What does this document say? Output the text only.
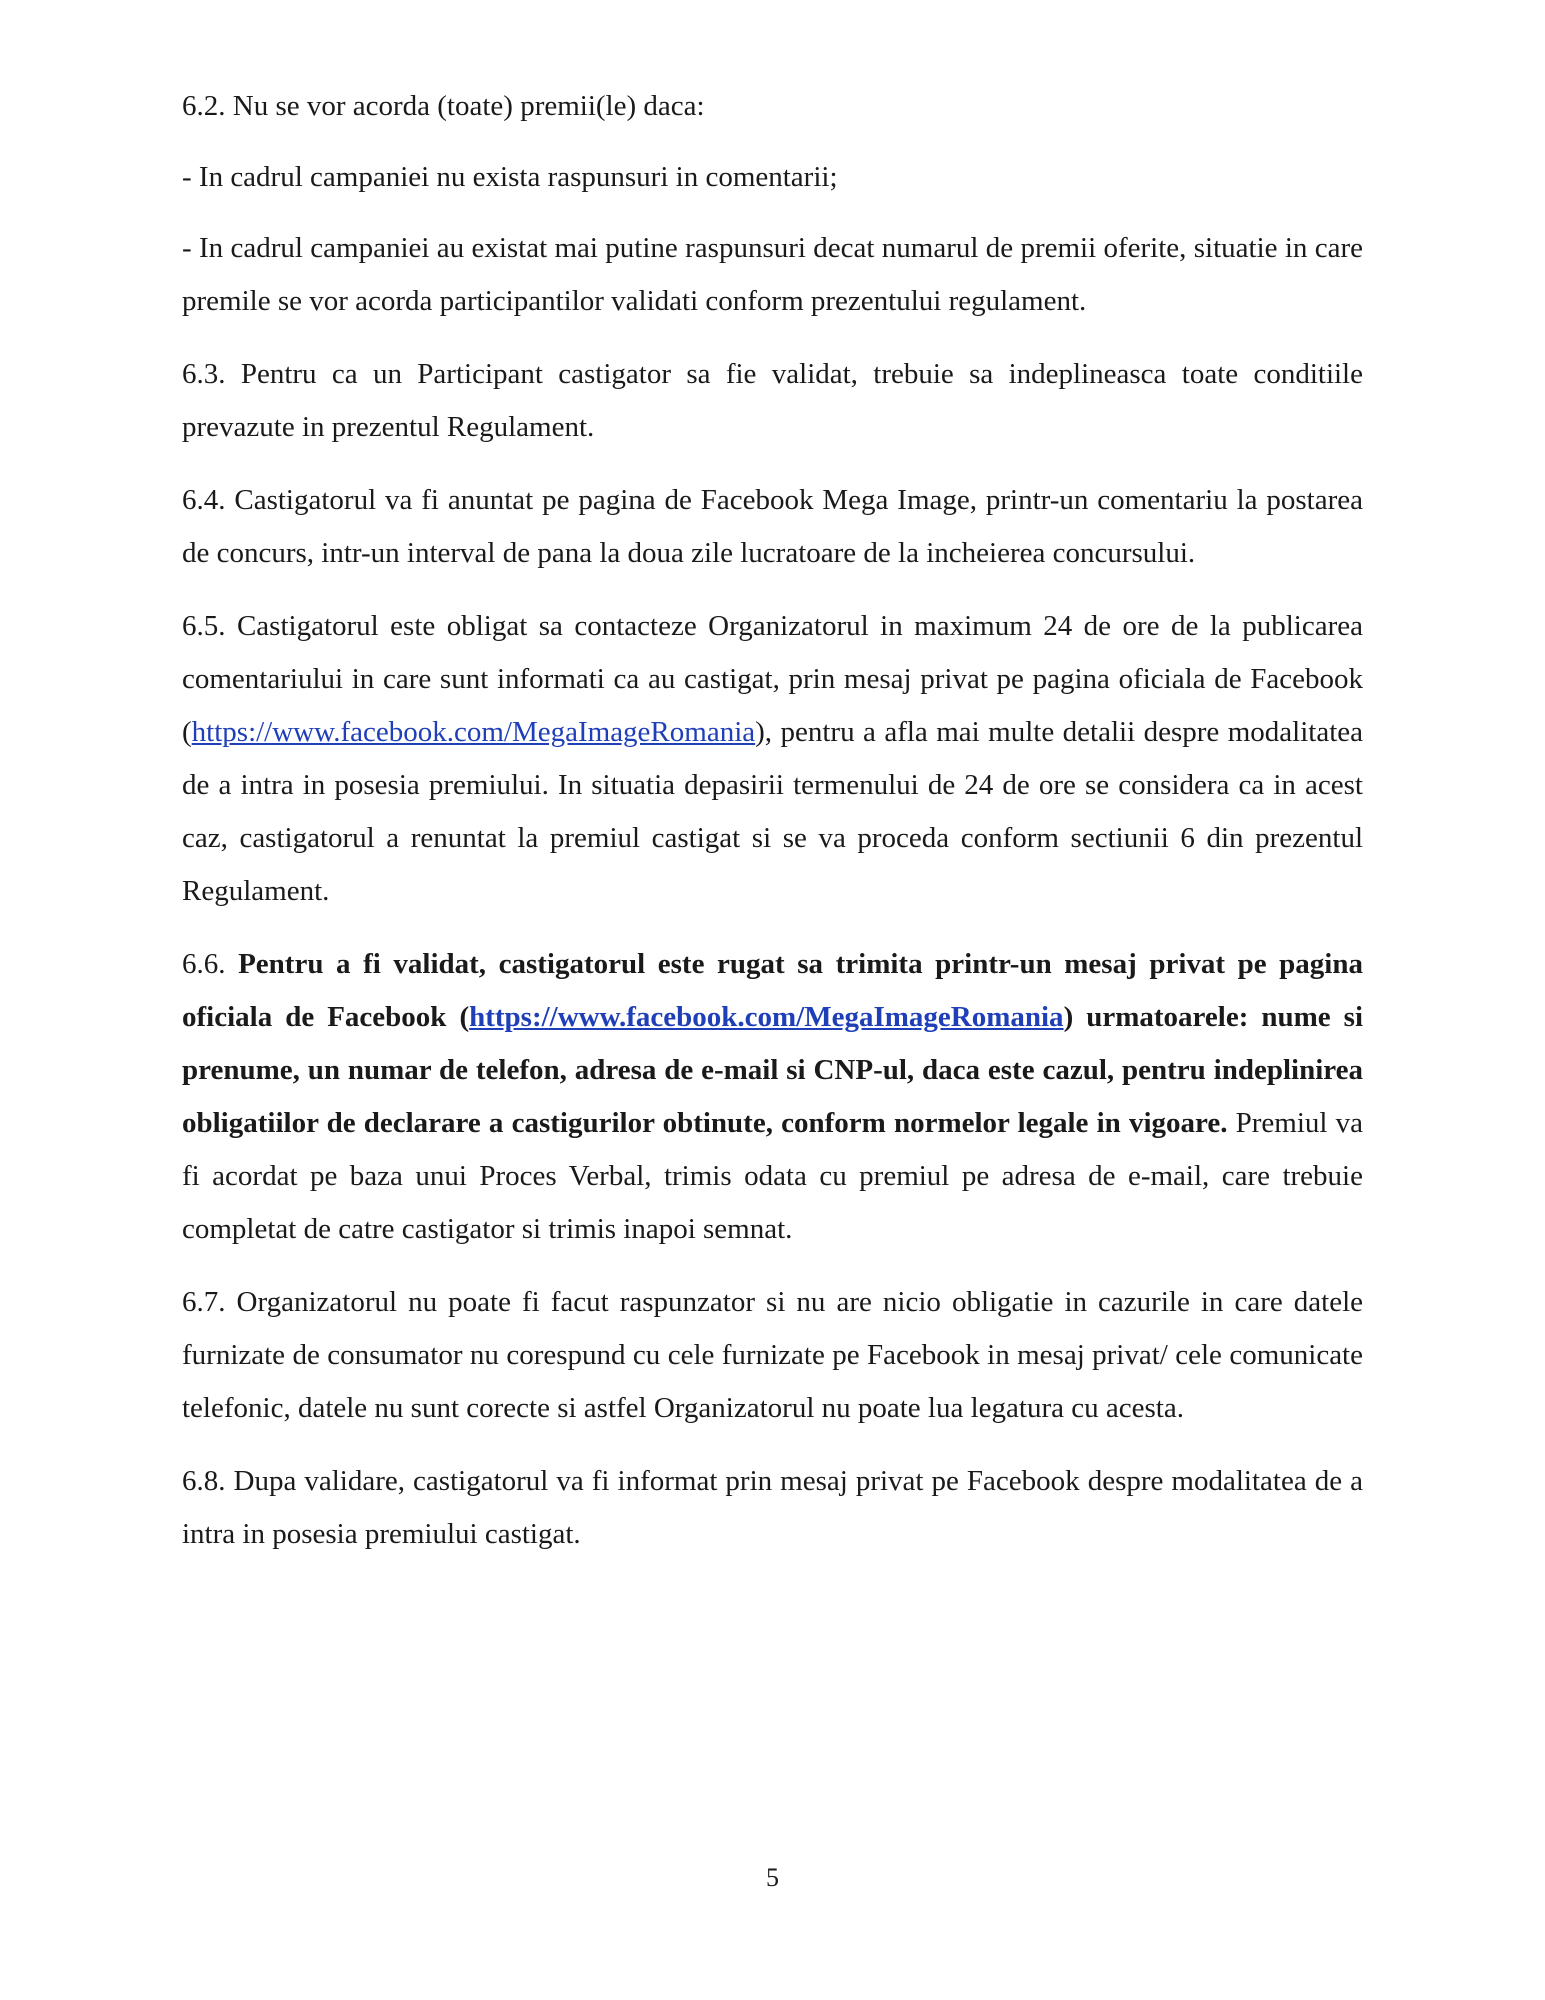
6.2. Nu se vor acorda (toate) premii(le) daca:

- In cadrul campaniei nu exista raspunsuri in comentarii;

- In cadrul campaniei au existat mai putine raspunsuri decat numarul de premii oferite, situatie in care premile se vor acorda participantilor validati conform prezentului regulament.

6.3. Pentru ca un Participant castigator sa fie validat, trebuie sa indeplineasca toate conditiile prevazute in prezentul Regulament.

6.4. Castigatorul va fi anuntat pe pagina de Facebook Mega Image, printr-un comentariu la postarea de concurs, intr-un interval de pana la doua zile lucratoare de la incheierea concursului.

6.5. Castigatorul este obligat sa contacteze Organizatorul in maximum 24 de ore de la publicarea comentariului in care sunt informati ca au castigat, prin mesaj privat pe pagina oficiala de Facebook (https://www.facebook.com/MegaImageRomania), pentru a afla mai multe detalii despre modalitatea de a intra in posesia premiului. In situatia depasirii termenului de 24 de ore se considera ca in acest caz, castigatorul a renuntat la premiul castigat si se va proceda conform sectiunii 6 din prezentul Regulament.

6.6. Pentru a fi validat, castigatorul este rugat sa trimita printr-un mesaj privat pe pagina oficiala de Facebook (https://www.facebook.com/MegaImageRomania) urmatoarele: nume si prenume, un numar de telefon, adresa de e-mail si CNP-ul, daca este cazul, pentru indeplinirea obligatiilor de declarare a castigurilor obtinute, conform normelor legale in vigoare. Premiul va fi acordat pe baza unui Proces Verbal, trimis odata cu premiul pe adresa de e-mail, care trebuie completat de catre castigator si trimis inapoi semnat.

6.7. Organizatorul nu poate fi facut raspunzator si nu are nicio obligatie in cazurile in care datele furnizate de consumator nu corespund cu cele furnizate pe Facebook in mesaj privat/ cele comunicate telefonic, datele nu sunt corecte si astfel Organizatorul nu poate lua legatura cu acesta.

6.8. Dupa validare, castigatorul va fi informat prin mesaj privat pe Facebook despre modalitatea de a intra in posesia premiului castigat.

5
